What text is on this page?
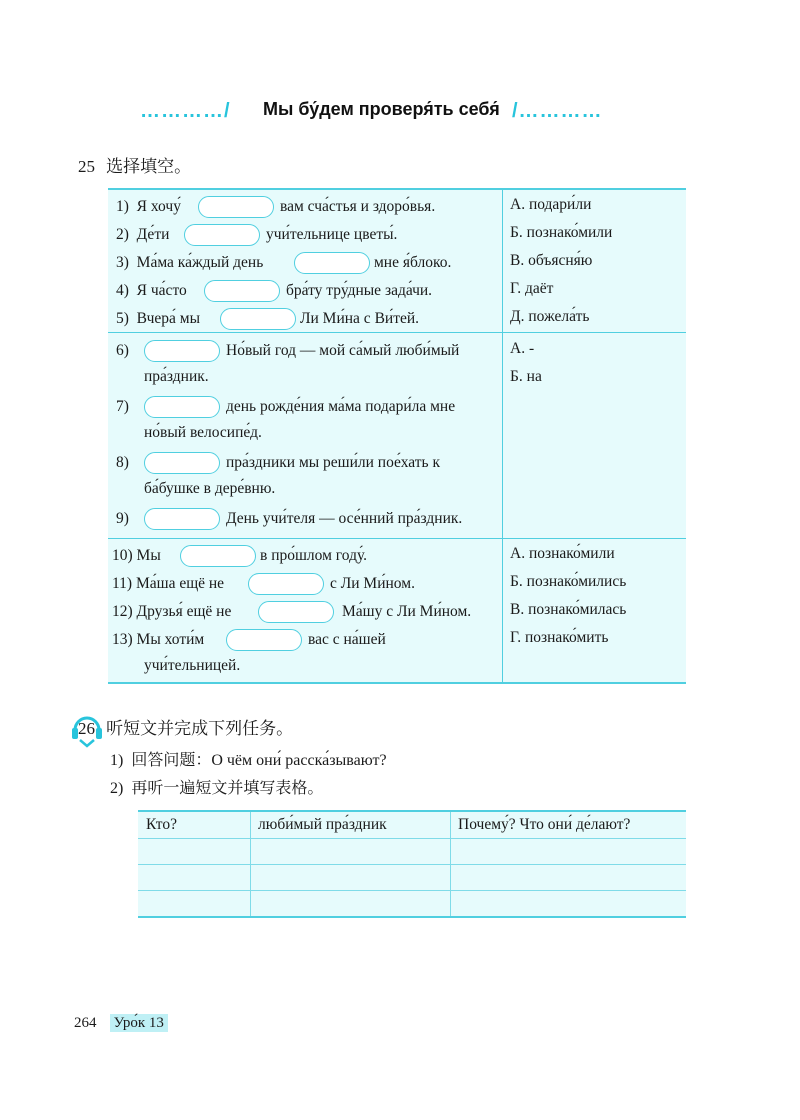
…………/ Мы бу́дем проверя́ть себя́ /…………
25 选择填空。
1) Я хочу́	вам сча́стья и здоро́вья.
2) Де́ти	учи́тельнице цветы́.
3) Ма́ма ка́ждый день	мне я́блоко.
4) Я ча́сто	бра́ту тру́дные зада́чи.
5) Вчера́ мы	Ли Ми́на с Ви́тей.
А. подари́ли
Б. познако́мили
В. объясня́ю
Г. даёт
Д. пожела́ть
6)	Но́вый год — мой са́мый люби́мый
пра́здник.
7)	день рожде́ния ма́ма подари́ла мне
но́вый велосипе́д.
8)	пра́здники мы реши́ли пое́хать к
ба́бушке в дере́вню.
9)	День учи́теля — осе́нний пра́здник.
А. -
Б. на
10) Мы	в про́шлом году́.
11) Ма́ша ещё не	с Ли Ми́ном.
12) Друзья́ ещё не	Ма́шу с Ли Ми́ном.
13) Мы хоти́м	вас с на́шей
учи́тельницей.
А. познако́мили
Б. познако́мились
В. познако́милась
Г. познако́мить
26 听短文并完成下列任务。
1) 回答问题：О чём они́ расска́зывают?
2) 再听一遍短文并填写表格。
Кто?	люби́мый пра́здник	Почему́? Что они́ де́лают?
264 Уро́к 13
